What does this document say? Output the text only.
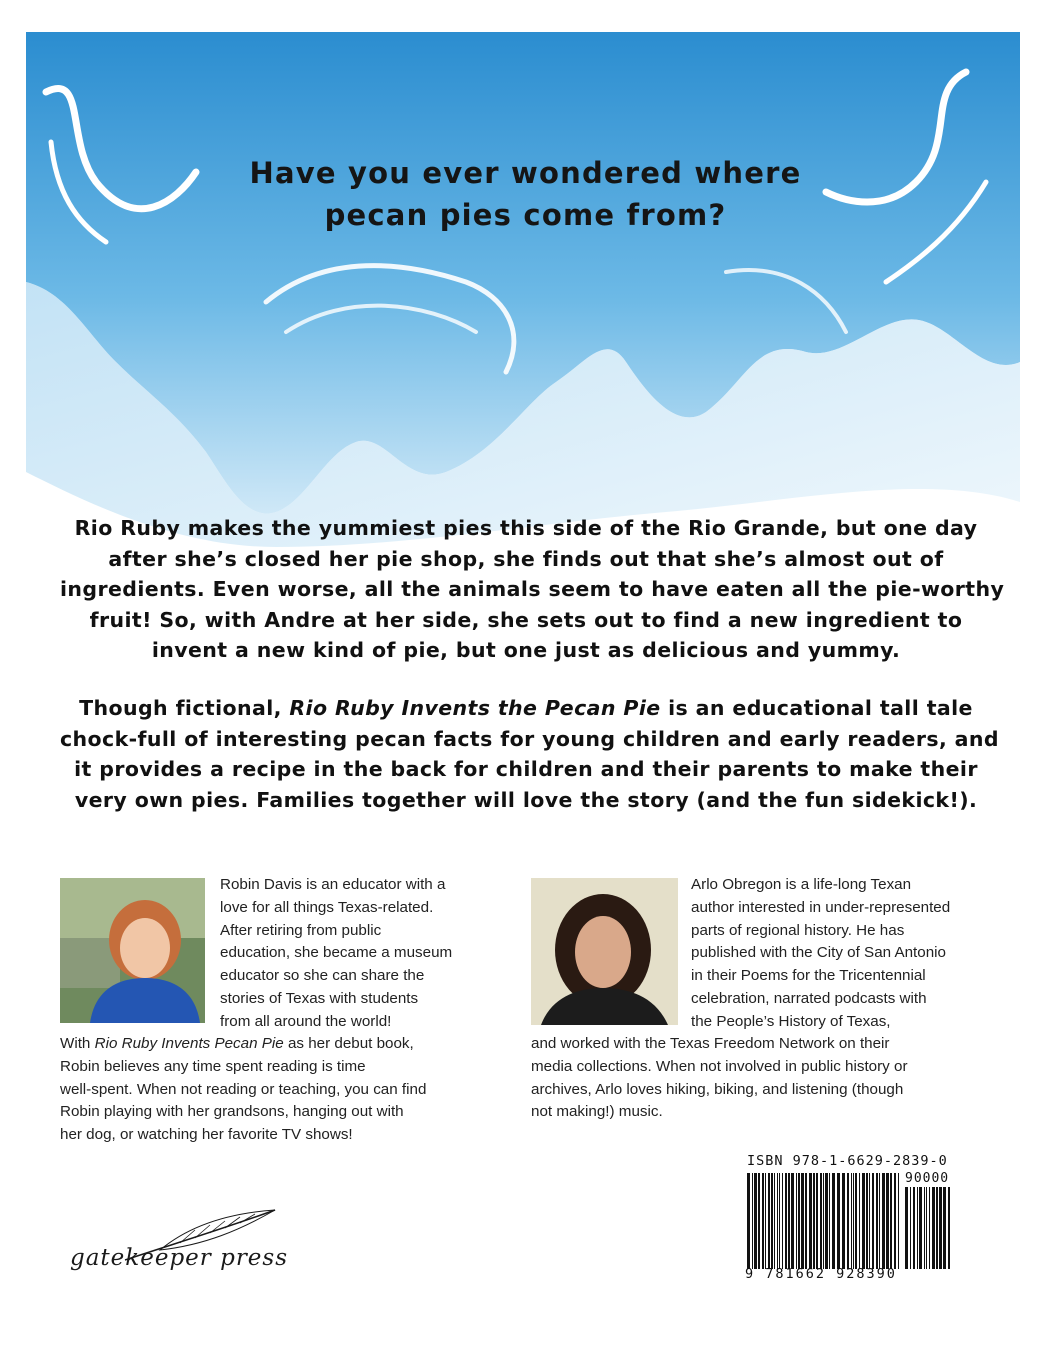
Have you ever wondered where
pecan pies come from?
Rio Ruby makes the yummiest pies this side of the Rio Grande, but one day
after she’s closed her pie shop, she finds out that she’s almost out of
ingredients. Even worse, all the animals seem to have eaten all the pie-worthy
fruit! So, with Andre at her side, she sets out to find a new ingredient to
invent a new kind of pie, but one just as delicious and yummy.
Though fictional, Rio Ruby Invents the Pecan Pie is an educational tall tale
chock-full of interesting pecan facts for young children and early readers, and
it provides a recipe in the back for children and their parents to make their
very own pies. Families together will love the story (and the fun sidekick!).
Robin Davis is an educator with a
love for all things Texas-related.
After retiring from public
education, she became a museum
educator so she can share the
stories of Texas with students
from all around the world!
With Rio Ruby Invents Pecan Pie as her debut book,
Robin believes any time spent reading is time
well-spent. When not reading or teaching, you can find
Robin playing with her grandsons, hanging out with
her dog, or watching her favorite TV shows!
Arlo Obregon is a life-long Texan
author interested in under-represented
parts of regional history. He has
published with the City of San Antonio
in their Poems for the Tricentennial
celebration, narrated podcasts with
the People’s History of Texas,
and worked with the Texas Freedom Network on their
media collections. When not involved in public history or
archives, Arlo loves hiking, biking, and listening (though
not making!) music.
ISBN 978-1-6629-2839-0
90000
9 781662 928390
gatekeeper press
